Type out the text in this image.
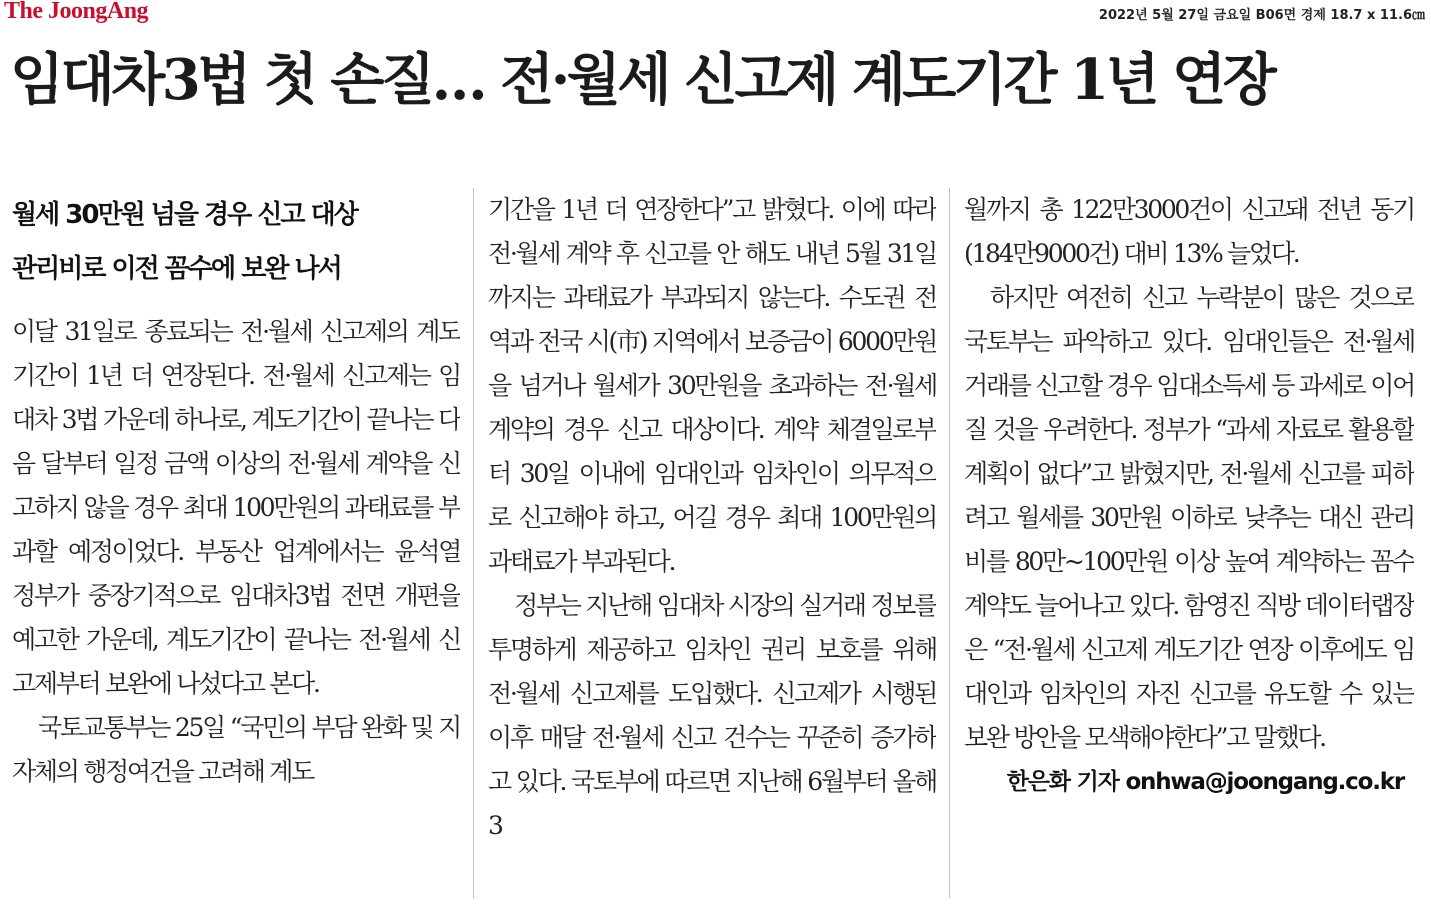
The JoongAng	2022년 5월 27일 금요일 B06면 경제 18.7 x 11.6㎝
임대차3법 첫 손질… 전·월세 신고제 계도기간 1년 연장
월세 30만원 넘을 경우 신고 대상
관리비로 이전 꼼수에 보완 나서

이달 31일로 종료되는 전·월세 신고제의 계도기간이 1년 더 연장된다. 전·월세 신고제는 임대차 3법 가운데 하나로, 계도기간이 끝나는 다음 달부터 일정 금액 이상의 전·월세 계약을 신고하지 않을 경우 최대 100만원의 과태료를 부과할 예정이었다. 부동산 업계에서는 윤석열 정부가 중장기적으로 임대차3법 전면 개편을 예고한 가운데, 계도기간이 끝나는 전·월세 신고제부터 보완에 나섰다고 본다.

국토교통부는 25일 “국민의 부담 완화 및 지자체의 행정여건을 고려해 계도

기간을 1년 더 연장한다”고 밝혔다. 이에 따라 전·월세 계약 후 신고를 안 해도 내년 5월 31일까지는 과태료가 부과되지 않는다. 수도권 전역과 전국 시(市) 지역에서 보증금이 6000만원을 넘거나 월세가 30만원을 초과하는 전·월세 계약의 경우 신고 대상이다. 계약 체결일로부터 30일 이내에 임대인과 임차인이 의무적으로 신고해야 하고, 어길 경우 최대 100만원의 과태료가 부과된다.

정부는 지난해 임대차 시장의 실거래 정보를 투명하게 제공하고 임차인 권리 보호를 위해 전·월세 신고제를 도입했다. 신고제가 시행된 이후 매달 전·월세 신고 건수는 꾸준히 증가하고 있다. 국토부에 따르면 지난해 6월부터 올해 3

월까지 총 122만3000건이 신고돼 전년 동기(184만9000건) 대비 13% 늘었다.

하지만 여전히 신고 누락분이 많은 것으로 국토부는 파악하고 있다. 임대인들은 전·월세 거래를 신고할 경우 임대소득세 등 과세로 이어질 것을 우려한다. 정부가 “과세 자료로 활용할 계획이 없다”고 밝혔지만, 전·월세 신고를 피하려고 월세를 30만원 이하로 낮추는 대신 관리비를 80만~100만원 이상 높여 계약하는 꼼수 계약도 늘어나고 있다. 함영진 직방 데이터랩장은 “전·월세 신고제 계도기간 연장 이후에도 임대인과 임차인의 자진 신고를 유도할 수 있는 보완 방안을 모색해야한다”고 말했다.

한은화 기자 onhwa@joongang.co.kr
